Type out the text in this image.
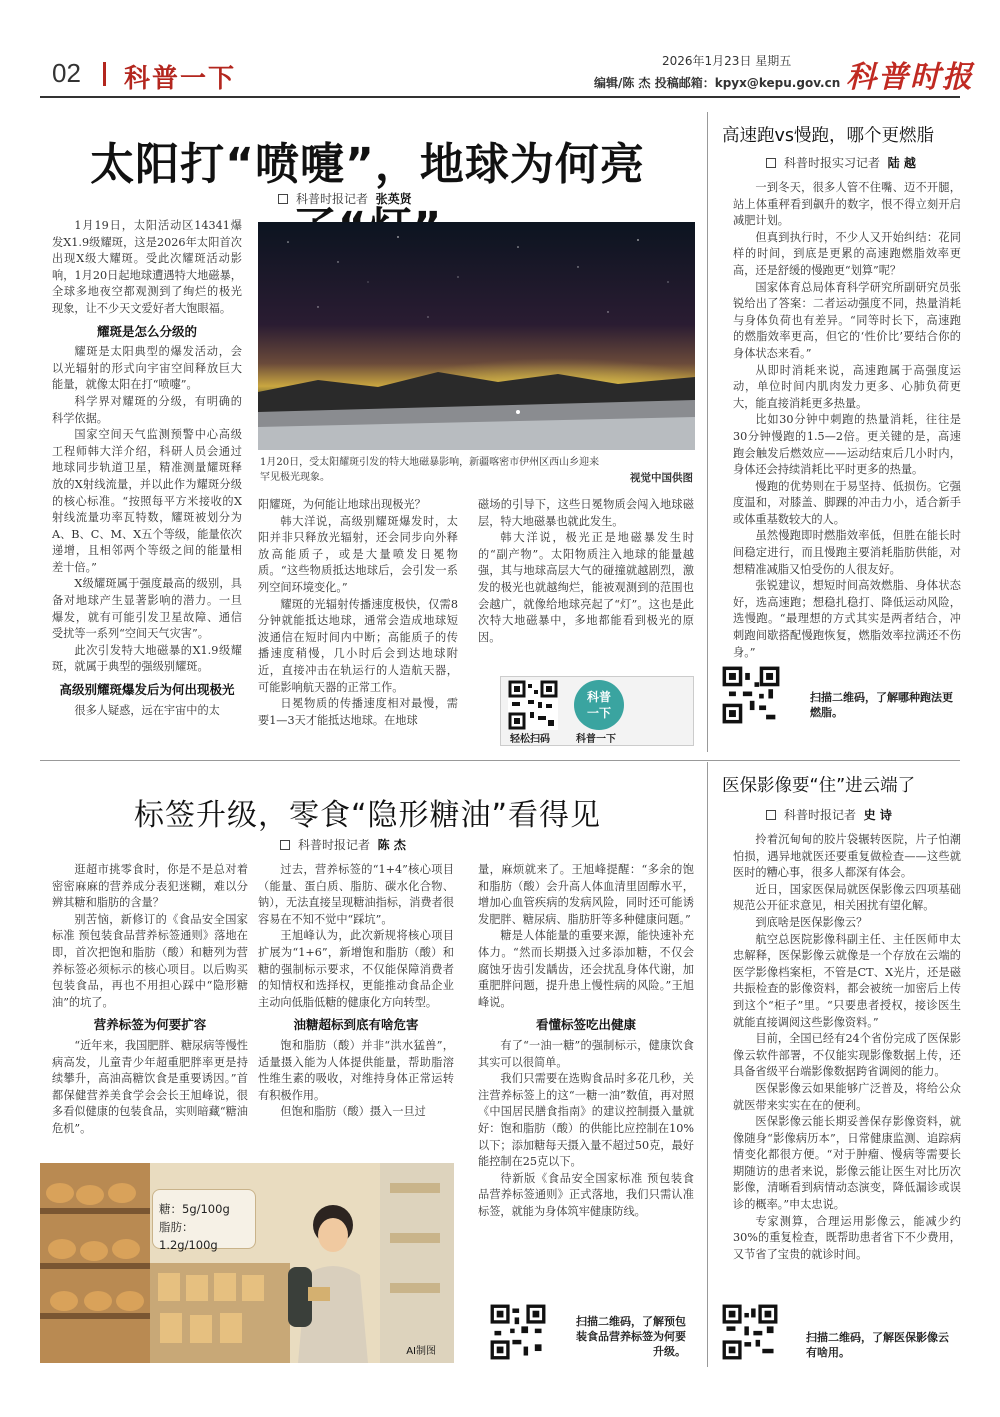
02 科普一下
2026年1月23日 星期五
编辑/陈 杰 投稿邮箱：kpyx@kepu.gov.cn 科普时报
太阳打“喷嚏”，地球为何亮
科普时报记者 张英贤

1月19日，太阳活动区14341爆发X1.9级耀斑，这是2026年太阳首次出现X级大耀斑。受此次耀斑活动影响，1月20日起地球遭遇特大地磁暴，全球多地夜空都观测到了绚烂的极光现象，让不少天文爱好者大饱眼福。

耀斑是怎么分级的

耀斑是太阳典型的爆发活动，会以光辐射的形式向宇宙空间释放巨大能量，就像太阳在打“喷嚏”。

科学界对耀斑的分级，有明确的科学依据。

国家空间天气监测预警中心高级工程师韩大洋介绍，科研人员会通过地球同步轨道卫星，精准测量耀斑释放的X射线流量，并以此作为耀斑分级的核心标准。“按照每平方米接收的X射线流量功率瓦特数，耀斑被划分为A、B、C、M、X五个等级，能量依次递增，且相邻两个等级之间的能量相差十倍。”

X级耀斑属于强度最高的级别，具备对地球产生显著影响的潜力。一旦爆发，就有可能引发卫星故障、通信受扰等一系列“空间天气灾害”。

此次引发特大地磁暴的X1.9级耀斑，就属于典型的强级别耀斑。

高级别耀斑爆发后为何出现极光

很多人疑惑，远在宇宙中的太

1月20日，受太阳耀斑引发的特大地磁暴影响，新疆喀密市伊州区西山乡迎来罕见极光现象。	视觉中国供图

阳耀斑，为何能让地球出现极光？

韩大洋说，高级别耀斑爆发时，太阳并非只释放光辐射，还会同步向外释放高能质子，或是大量喷发日冕物质。“这些物质抵达地球后，会引发一系列空间环境变化。”

耀斑的光辐射传播速度极快，仅需8分钟就能抵达地球，通常会造成地球短波通信在短时间内中断；高能质子的传播速度稍慢，几小时后会到达地球附近，直接冲击在轨运行的人造航天器，可能影响航天器的正常工作。

日冕物质的传播速度相对最慢，需要1—3天才能抵达地球。在地球

磁场的引导下，这些日冕物质会闯入地球磁层，特大地磁暴也就此发生。

韩大洋说，极光正是地磁暴发生时的“副产物”。太阳物质注入地球的能量越强，其与地球高层大气的碰撞就越剧烈，激发的极光也就越绚烂，能被观测到的范围也会越广，就像给地球亮起了“灯”。这也是此次特大地磁暴中，多地都能看到极光的原因。

轻松扫码
科普
一下
科普一下
高速跑vs慢跑，哪个更燃脂
科普时报实习记者 陆 越

一到冬天，很多人管不住嘴、迈不开腿，站上体重秤看到飙升的数字，恨不得立刻开启减肥计划。

但真到执行时，不少人又开始纠结：花同样的时间，到底是更累的高速跑燃脂效率更高，还是舒缓的慢跑更“划算”呢？

国家体育总局体育科学研究所副研究员张锐给出了答案：二者运动强度不同，热量消耗与身体负荷也有差异。“同等时长下，高速跑的燃脂效率更高，但它的‘性价比’要结合你的身体状态来看。”

从即时消耗来说，高速跑属于高强度运动，单位时间内肌肉发力更多、心肺负荷更大，能直接消耗更多热量。

比如30分钟中刺跑的热量消耗，往往是30分钟慢跑的1.5—2倍。更关键的是，高速跑会触发后燃效应——运动结束后几小时内，身体还会持续消耗比平时更多的热量。

慢跑的优势则在于易坚持、低损伤。它强度温和，对膝盖、脚踝的冲击力小，适合新手或体重基数较大的人。

虽然慢跑即时燃脂效率低，但胜在能长时间稳定进行，而且慢跑主要消耗脂肪供能，对想精准减脂又怕受伤的人很友好。

张锐建议，想短时间高效燃脂、身体状态好，选高速跑；想稳扎稳打、降低运动风险，选慢跑。“最理想的方式其实是两者结合，冲刺跑间歇搭配慢跑恢复，燃脂效率拉满还不伤身。”

扫描二维码，了解哪种跑法更燃脂。
标签升级，零食“隐形糖油”看得见
科普时报记者 陈 杰

逛超市挑零食时，你是不是总对着密密麻麻的营养成分表犯迷糊，难以分辨其糖和脂肪的含量？

别苦恼，新修订的《食品安全国家标准 预包装食品营养标签通则》落地在即，首次把饱和脂肪（酸）和糖列为营养标签必须标示的核心项目。以后购买包装食品，再也不用担心踩中“隐形糖油”的坑了。

营养标签为何要扩容

“近年来，我国肥胖、糖尿病等慢性病高发，儿童青少年超重肥胖率更是持续攀升，高油高糖饮食是重要诱因。”首都保健营养美食学会会长王旭峰说，很多看似健康的包装食品，实则暗藏“糖油危机”。

过去，营养标签的“1+4”核心项目（能量、蛋白质、脂肪、碳水化合物、钠），无法直接呈现糖油指标，消费者很容易在不知不觉中“踩坑”。

王旭峰认为，此次新规将核心项目扩展为“1+6”，新增饱和脂肪（酸）和糖的强制标示要求，不仅能保障消费者的知情权和选择权，更能推动食品企业主动向低脂低糖的健康化方向转型。

油糖超标到底有啥危害

饱和脂肪（酸）并非“洪水猛兽”，适量摄入能为人体提供能量，帮助脂溶性维生素的吸收，对维持身体正常运转有积极作用。

但饱和脂肪（酸）摄入一旦过

量，麻烦就来了。王旭峰提醒：“多余的饱和脂肪（酸）会升高人体血清里固醇水平，增加心血管疾病的发病风险，同时还可能诱发肥胖、糖尿病、脂肪肝等多种健康问题。”

糖是人体能量的重要来源，能快速补充体力。“然而长期摄入过多添加糖，不仅会腐蚀牙齿引发龋齿，还会扰乱身体代谢，加重肥胖问题，提升患上慢性病的风险。”王旭峰说。

看懂标签吃出健康

有了“一油一糖”的强制标示，健康饮食其实可以很简单。

我们只需要在选购食品时多花几秒，关注营养标签上的这“一糖一油”数值，再对照《中国居民膳食指南》的建议控制摄入量就好：饱和脂肪（酸）的供能比应控制在10%以下；添加糖每天摄入量不超过50克，最好能控制在25克以下。

待新版《食品安全国家标准 预包装食品营养标签通则》正式落地，我们只需认准标签，就能为身体筑牢健康防线。

糖：5g/100g
脂肪：1.2g/100g
AI制图
扫描二维码，了解预包装食品营养标签为何要升级。
医保影像要“住”进云端了
科普时报记者 史 诗

拎着沉甸甸的胶片袋辗转医院，片子怕潮怕损，遇异地就医还要重复做检查——这些就医时的糟心事，很多人都深有体会。

近日，国家医保局就医保影像云四项基础规范公开征求意见，相关困扰有望化解。

到底啥是医保影像云？

航空总医院影像科副主任、主任医师申太忠解释，医保影像云就像是一个存放在云端的医学影像档案柜，不管是CT、X光片，还是磁共振检查的影像资料，都会被统一加密后上传到这个“柜子”里。“只要患者授权，接诊医生就能直接调阅这些影像资料。”

目前，全国已经有24个省份完成了医保影像云软件部署，不仅能实现影像数据上传，还具备省级平台端影像数据跨省调阅的能力。

医保影像云如果能够广泛普及，将给公众就医带来实实在在的便利。

医保影像云能长期妥善保存影像资料，就像随身“影像病历本”，日常健康监测、追踪病情变化都很方便。“对于肿瘤、慢病等需要长期随访的患者来说，影像云能让医生对比历次影像，清晰看到病情动态演变，降低漏诊或误诊的概率。”申太忠说。

专家测算，合理运用影像云，能减少约30%的重复检查，既帮助患者省下不少费用，又节省了宝贵的就诊时间。

扫描二维码，了解医保影像云有啥用。
